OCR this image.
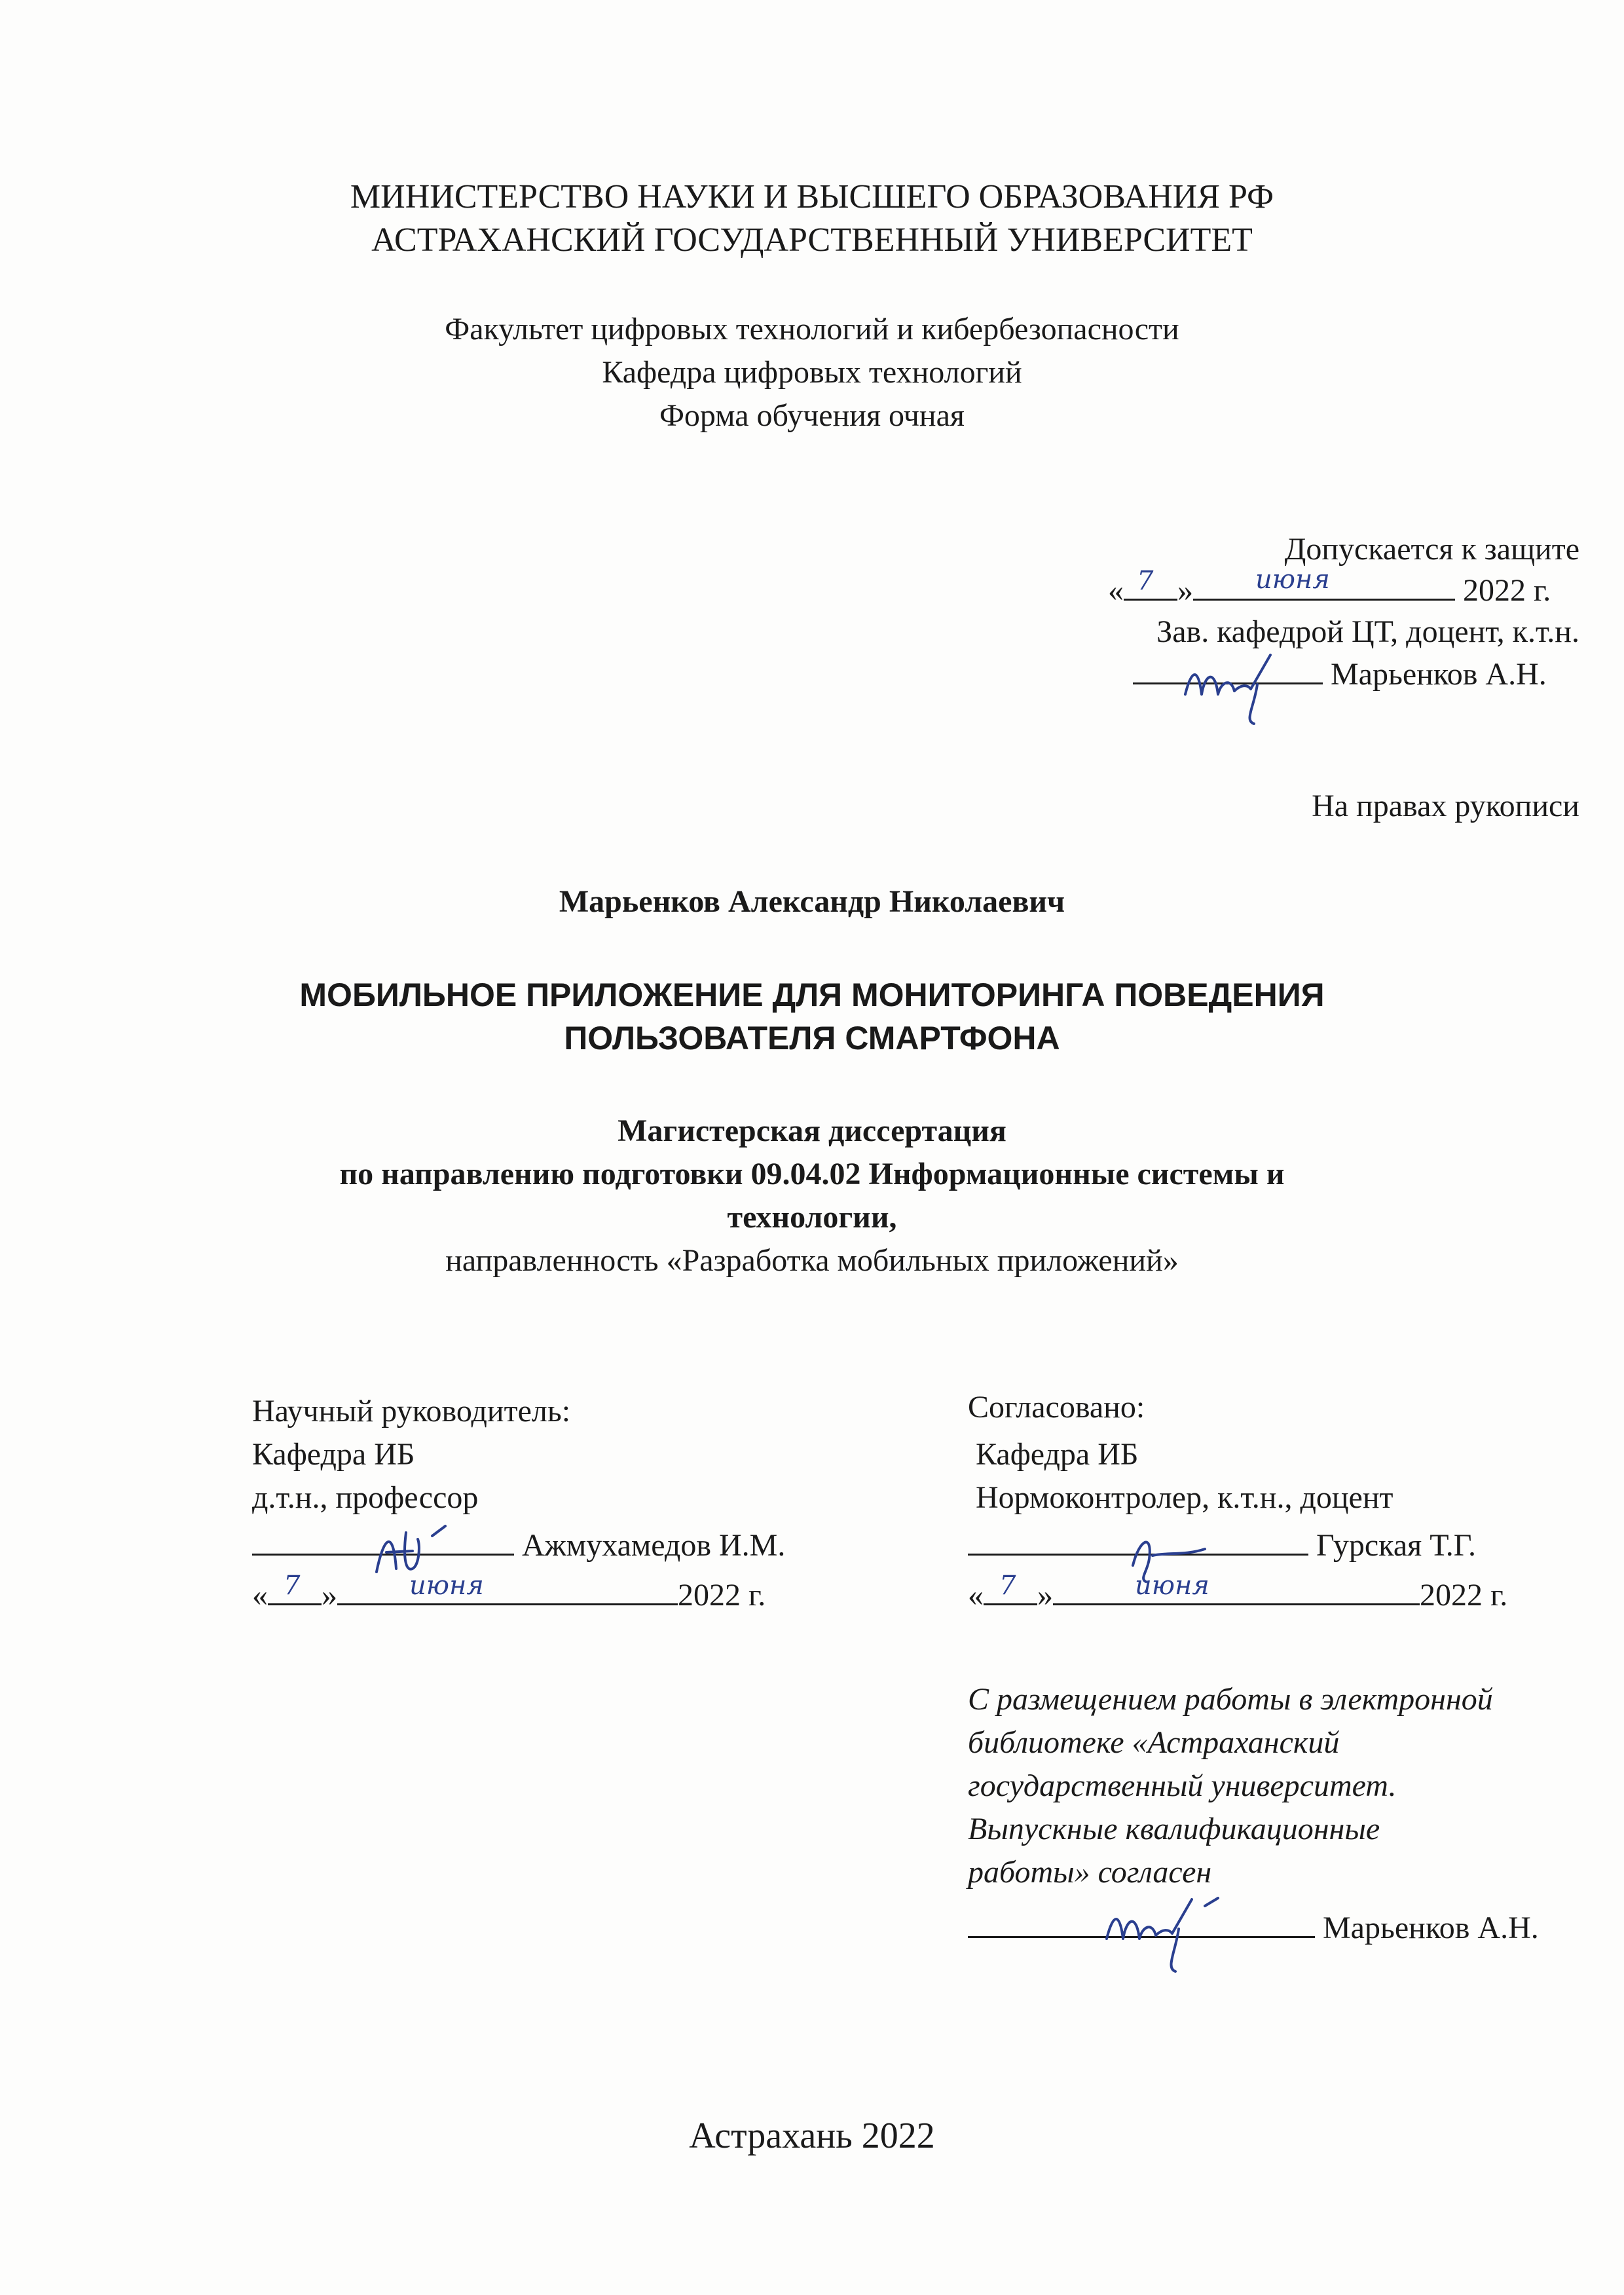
МИНИСТЕРСТВО НАУКИ И ВЫСШЕГО ОБРАЗОВАНИЯ РФ
АСТРАХАНСКИЙ ГОСУДАРСТВЕННЫЙ УНИВЕРСИТЕТ
Факультет цифровых технологий и кибербезопасности
Кафедра цифровых технологий
Форма обучения очная
Допускается к защите
« 7 » июня	2022 г.
Зав. кафедрой ЦТ, доцент, к.т.н.
Марьенков А.Н.
На правах рукописи
Марьенков Александр Николаевич
МОБИЛЬНОЕ ПРИЛОЖЕНИЕ ДЛЯ МОНИТОРИНГА ПОВЕДЕНИЯ
ПОЛЬЗОВАТЕЛЯ СМАРТФОНА
Магистерская диссертация
по направлению подготовки 09.04.02 Информационные системы и
технологии,
направленность «Разработка мобильных приложений»
Научный руководитель:
Кафедра ИБ
д.т.н., профессор
Ажмухамедов И.М.
« 7 »	июня	2022 г.
Согласовано:
Кафедра ИБ
Нормоконтролер, к.т.н., доцент
Гурская Т.Г.
« 7 »	июня	2022 г.
С размещением работы в электронной
библиотеке «Астраханский
государственный университет.
Выпускные квалификационные
работы» согласен
Марьенков А.Н.
Астрахань 2022
